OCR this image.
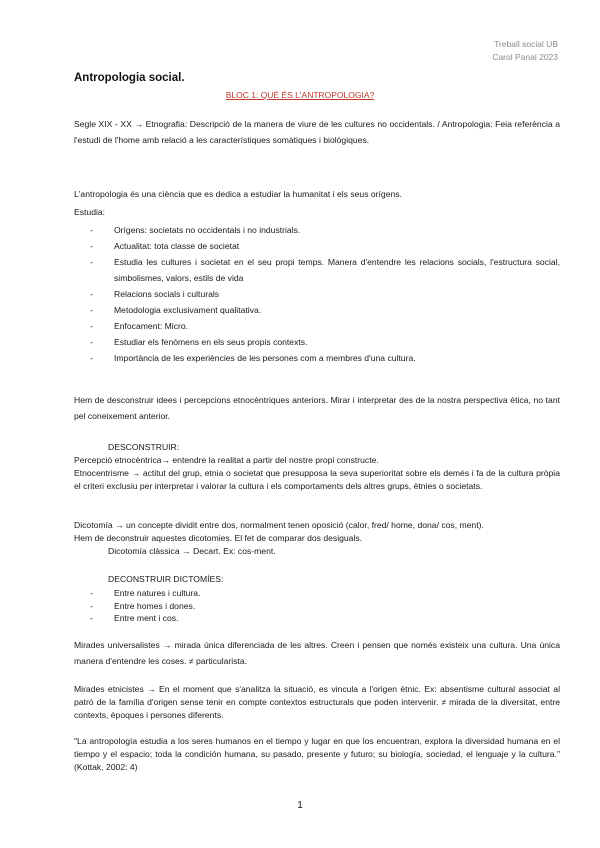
Treball social UB
Carol Panal 2023
Antropologia social.
BLOC 1: QUÈ ÉS L'ANTROPOLOGIA?
Segle XIX - XX → Etnografia: Descripció de la manera de viure de les cultures no occidentals. / Antropologia: Feia referència a l'estudi de l'home amb relació a les característiques somàtiques i biològiques.
L'antropologia és una ciència que es dedica a estudiar la humanitat i els seus orígens.
Estudia:
- Orígens: societats no occidentals i no industrials.
- Actualitat: tota classe de societat
- Estudia les cultures i societat en el seu propi temps. Manera d'entendre les relacions socials, l'estructura social, simbolismes, valors, estils de vida
- Relacions socials i culturals
- Metodologia exclusivament qualitativa.
- Enfocament: Micro.
- Estudiar els fenòmens en els seus propis contexts.
- Importància de les experiències de les persones com a membres d'una cultura.
Hem de desconstruir idees i percepcions etnocèntriques anteriors. Mirar i interpretar des de la nostra perspectiva ètica, no tant pel coneixement anterior.
DESCONSTRUIR:
Percepció etnocèntrica→ entendre la realitat a partir del nostre propi constructe.
Etnocentrisme → actitut del grup, etnia o societat que presupposa la seva superioritat sobre els demés i fa de la cultura pròpia el criteri exclusiu per interpretar i valorar la cultura i els comportaments dels altres grups, ètnies o societats.
Dicotomía → un concepte dividit entre dos, normalment tenen oposició (calor, fred/ home, dona/ cos, ment).
Hem de deconstruir aquestes dicotomies. El fet de comparar dos desiguals.
Dicotomía clàssica → Decart. Ex: cos-ment.
DECONSTRUIR DICTOMÍES:
- Entre natures i cultura.
- Entre homes i dones.
- Entre ment i cos.
Mirades universalistes → mirada única diferenciada de les altres. Creen i pensen que només existeix una cultura. Una única manera d'entendre les coses. ≠ particularista.
Mirades etnicistes → En el moment que s'analitza la situació, es vincula a l'origen ètnic. Ex: absentisme cultural associat al patró de la família d'origen sense tenir en compte contextos estructurals que poden intervenir. ≠ mirada de la diversitat, entre contexts, èpoques i persones diferents.
"La antropología estudia a los seres humanos en el tiempo y lugar en que los encuentran, explora la diversidad humana en el tiempo y el espacio; toda la condición humana, su pasado, presente y futuro; su biología, sociedad, el lenguaje y la cultura." (Kottak, 2002: 4)
1
